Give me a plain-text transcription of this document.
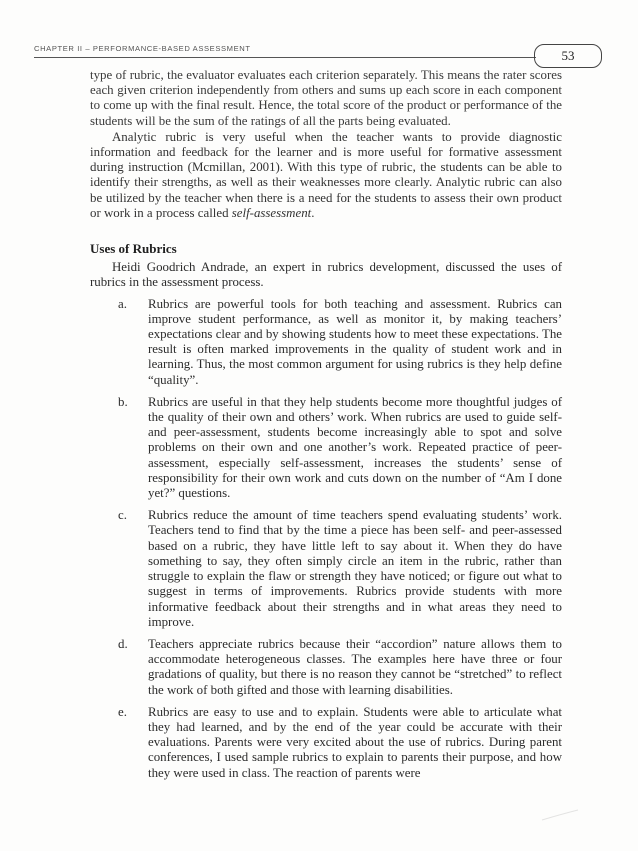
CHAPTER II – PERFORMANCE-BASED ASSESSMENT	53

type of rubric, the evaluator evaluates each criterion separately. This means the rater scores each given criterion independently from others and sums up each score in each component to come up with the final result. Hence, the total score of the product or performance of the students will be the sum of the ratings of all the parts being evaluated.

Analytic rubric is very useful when the teacher wants to provide diagnostic information and feedback for the learner and is more useful for formative assessment during instruction (Mcmillan, 2001). With this type of rubric, the students can be able to identify their strengths, as well as their weaknesses more clearly. Analytic rubric can also be utilized by the teacher when there is a need for the students to assess their own product or work in a process called self-assessment.

Uses of Rubrics

Heidi Goodrich Andrade, an expert in rubrics development, discussed the uses of rubrics in the assessment process.

a. Rubrics are powerful tools for both teaching and assessment. Rubrics can improve student performance, as well as monitor it, by making teachers’ expectations clear and by showing students how to meet these expectations. The result is often marked improvements in the quality of student work and in learning. Thus, the most common argument for using rubrics is they help define “quality”.
b. Rubrics are useful in that they help students become more thoughtful judges of the quality of their own and others’ work. When rubrics are used to guide self- and peer-assessment, students become increasingly able to spot and solve problems on their own and one another’s work. Repeated practice of peer-assessment, especially self-assessment, increases the students’ sense of responsibility for their own work and cuts down on the number of “Am I done yet?” questions.
c. Rubrics reduce the amount of time teachers spend evaluating students’ work. Teachers tend to find that by the time a piece has been self- and peer-assessed based on a rubric, they have little left to say about it. When they do have something to say, they often simply circle an item in the rubric, rather than struggle to explain the flaw or strength they have noticed; or figure out what to suggest in terms of improvements. Rubrics provide students with more informative feedback about their strengths and in what areas they need to improve.
d. Teachers appreciate rubrics because their “accordion” nature allows them to accommodate heterogeneous classes. The examples here have three or four gradations of quality, but there is no reason they cannot be “stretched” to reflect the work of both gifted and those with learning disabilities.
e. Rubrics are easy to use and to explain. Students were able to articulate what they had learned, and by the end of the year could be accurate with their evaluations. Parents were very excited about the use of rubrics. During parent conferences, I used sample rubrics to explain to parents their purpose, and how they were used in class. The reaction of parents were
